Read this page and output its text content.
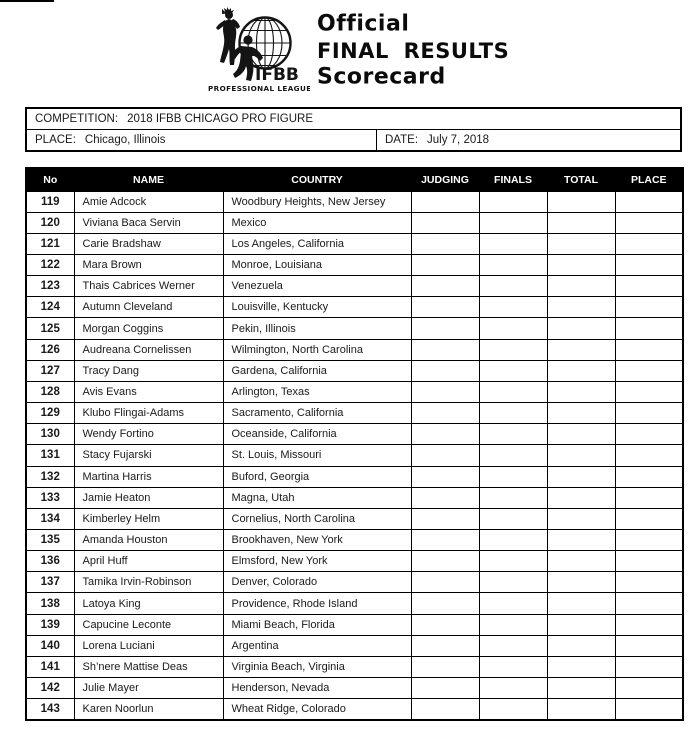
IFBB
PROFESSIONAL LEAGUE
Official
FINAL RESULTS
Scorecard
COMPETITION: 2018 IFBB CHICAGO PRO FIGURE
PLACE: Chicago, Illinois	DATE: July 7, 2018
No	NAME	COUNTRY	JUDGING	FINALS	TOTAL	PLACE
119	Amie Adcock	Woodbury Heights, New Jersey				
120	Viviana Baca Servin	Mexico				
121	Carie Bradshaw	Los Angeles, California				
122	Mara Brown	Monroe, Louisiana				
123	Thais Cabrices Werner	Venezuela				
124	Autumn Cleveland	Louisville, Kentucky				
125	Morgan Coggins	Pekin, Illinois				
126	Audreana Cornelissen	Wilmington, North Carolina				
127	Tracy Dang	Gardena, California				
128	Avis Evans	Arlington, Texas				
129	Klubo Flingai-Adams	Sacramento, California				
130	Wendy Fortino	Oceanside, California				
131	Stacy Fujarski	St. Louis, Missouri				
132	Martina Harris	Buford, Georgia				
133	Jamie Heaton	Magna, Utah				
134	Kimberley Helm	Cornelius, North Carolina				
135	Amanda Houston	Brookhaven, New York				
136	April Huff	Elmsford, New York				
137	Tamika Irvin-Robinson	Denver, Colorado				
138	Latoya King	Providence, Rhode Island				
139	Capucine Leconte	Miami Beach, Florida				
140	Lorena Luciani	Argentina				
141	Sh’nere Mattise Deas	Virginia Beach, Virginia				
142	Julie Mayer	Henderson, Nevada				
143	Karen Noorlun	Wheat Ridge, Colorado				
